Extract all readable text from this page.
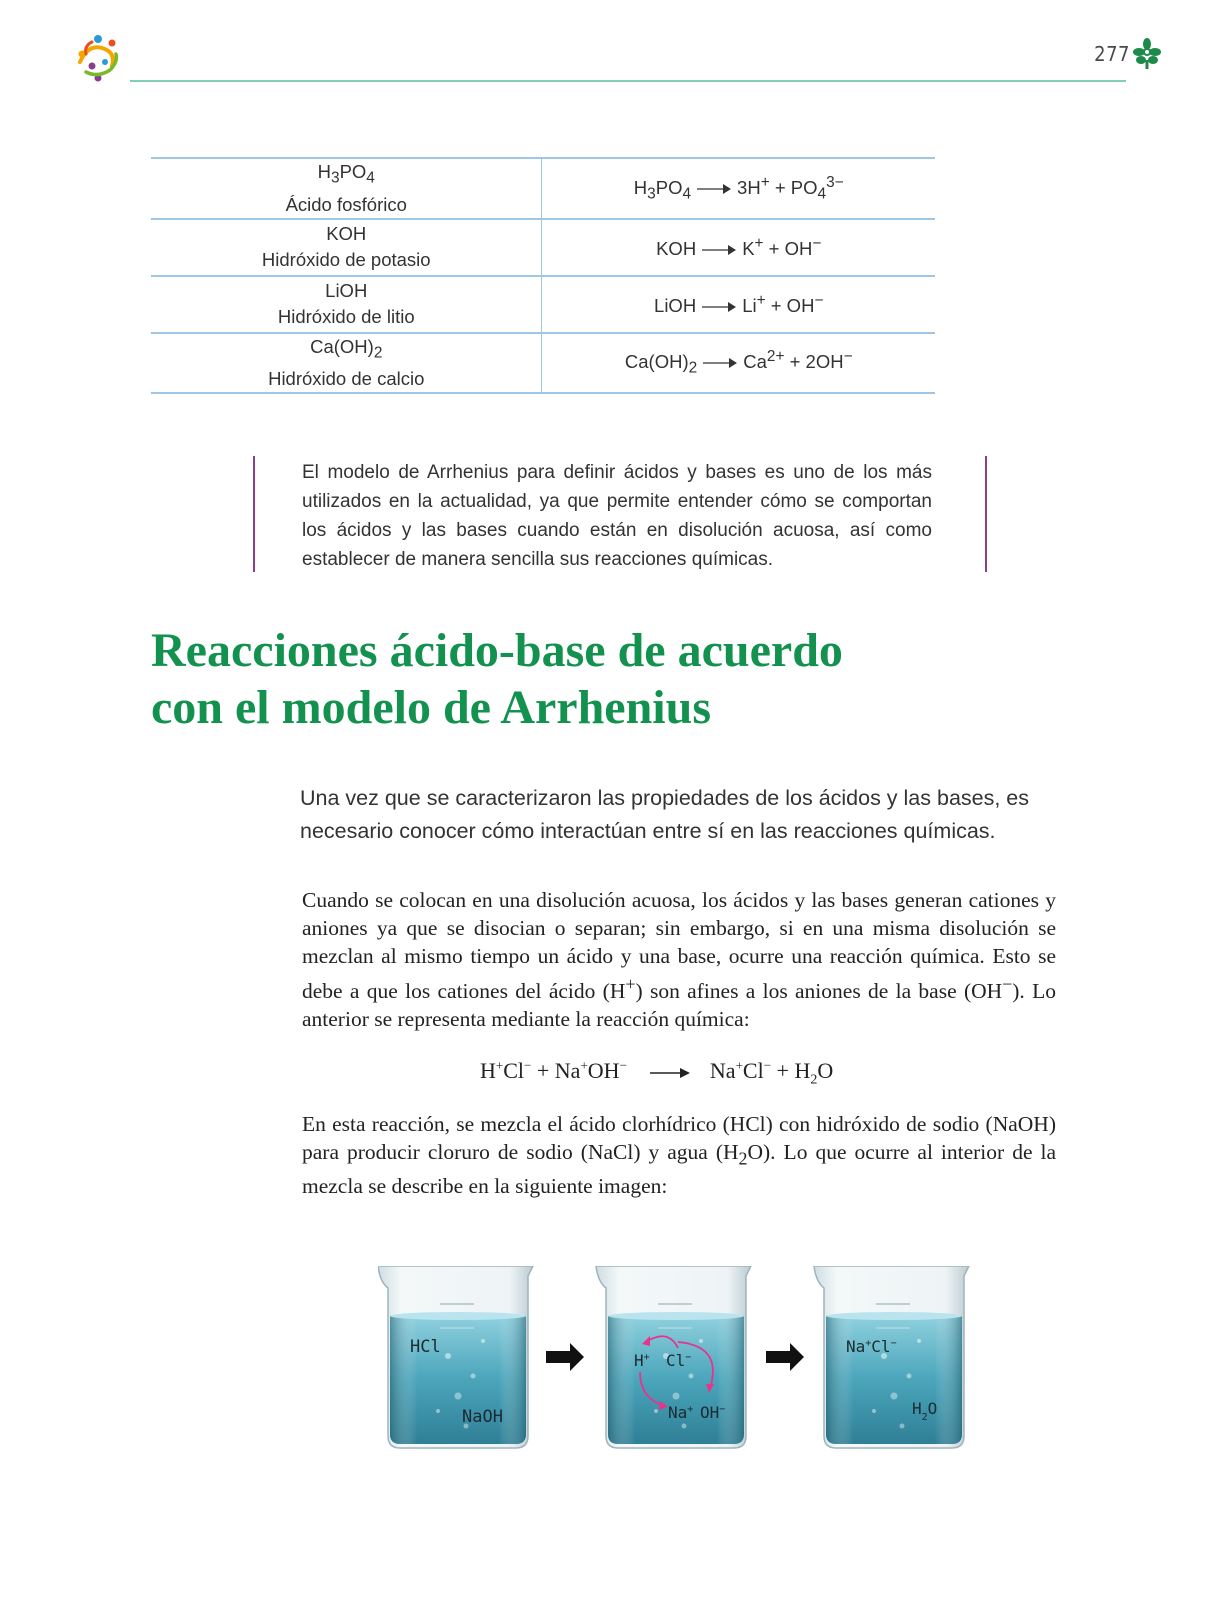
277
$H_3PO_4$
Ácido fosfórico	$H_3PO_4 \to 3H^+ + PO_4^{3-}$
KOH
Hidróxido de potasio	KOH → K+ + OH−
LiOH
Hidróxido de litio	LiOH → Li+ + OH−
$Ca(OH)_2$
Hidróxido de calcio	$Ca(OH)_2 \to Ca^{2+} + 2OH^-$

El modelo de Arrhenius para definir ácidos y bases es uno de los más utilizados en la actualidad, ya que permite entender cómo se comportan los ácidos y las bases cuando están en disolución acuosa, así como establecer de manera sencilla sus reacciones químicas.

Reacciones ácido-base de acuerdo
con el modelo de Arrhenius

Una vez que se caracterizaron las propiedades de los ácidos y las bases, es necesario conocer cómo interactúan entre sí en las reacciones químicas.

Cuando se colocan en una disolución acuosa, los ácidos y las bases generan cationes y aniones ya que se disocian o separan; sin embargo, si en una misma disolución se mezclan al mismo tiempo un ácido y una base, ocurre una reacción química. Esto se debe a que los cationes del ácido (H+) son afines a los aniones de la base (OH−). Lo anterior se representa mediante la reacción química:

$H^+Cl^- + Na^+OH^- \to Na^+Cl^- + H_2O$

En esta reacción, se mezcla el ácido clorhídrico (HCl) con hidróxido de sodio (NaOH) para producir cloruro de sodio (NaCl) y agua $(H_2O)$. Lo que ocurre al interior de la mezcla se describe en la siguiente imagen:

HCl
NaOH
H+ Cl−
Na+ OH−
Na+Cl−
$H_2O$
